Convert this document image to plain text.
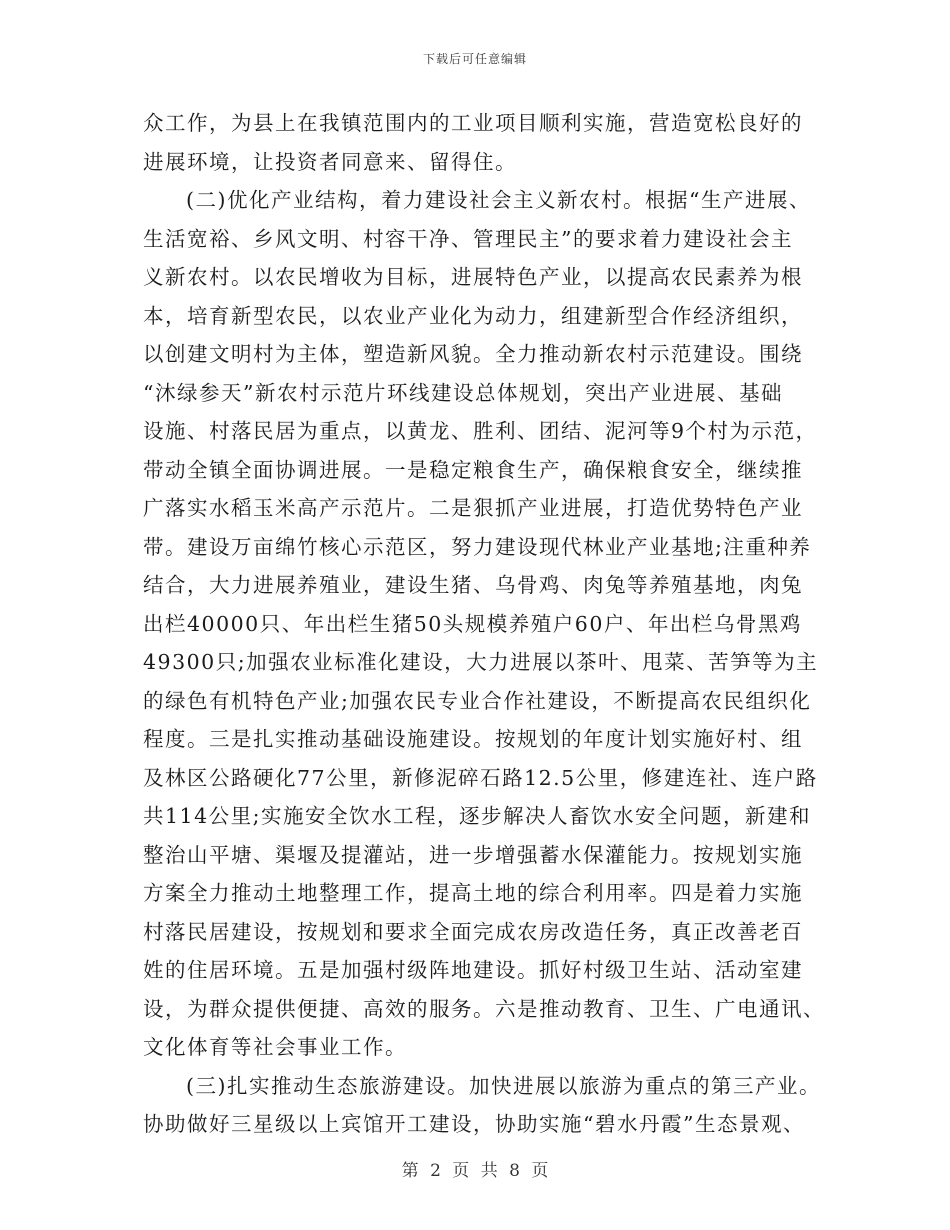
下载后可任意编辑
众工作，为县上在我镇范围内的工业项目顺利实施，营造宽松良好的
进展环境，让投资者同意来、留得住。
(二)优化产业结构，着力建设社会主义新农村。根据“生产进展、
生活宽裕、乡风文明、村容干净、管理民主”的要求着力建设社会主
义新农村。以农民增收为目标，进展特色产业，以提高农民素养为根
本，培育新型农民，以农业产业化为动力，组建新型合作经济组织，
以创建文明村为主体，塑造新风貌。全力推动新农村示范建设。围绕
“沐绿参天”新农村示范片环线建设总体规划，突出产业进展、基础
设施、村落民居为重点，以黄龙、胜利、团结、泥河等9个村为示范，
带动全镇全面协调进展。一是稳定粮食生产，确保粮食安全，继续推
广落实水稻玉米高产示范片。二是狠抓产业进展，打造优势特色产业
带。建设万亩绵竹核心示范区，努力建设现代林业产业基地;注重种养
结合，大力进展养殖业，建设生猪、乌骨鸡、肉兔等养殖基地，肉兔
出栏40000只、年出栏生猪50头规模养殖户60户、年出栏乌骨黑鸡
49300只;加强农业标准化建设，大力进展以茶叶、甩菜、苦笋等为主
的绿色有机特色产业;加强农民专业合作社建设，不断提高农民组织化
程度。三是扎实推动基础设施建设。按规划的年度计划实施好村、组
及林区公路硬化77公里，新修泥碎石路12.5公里，修建连社、连户路
共114公里;实施安全饮水工程，逐步解决人畜饮水安全问题，新建和
整治山平塘、渠堰及提灌站，进一步增强蓄水保灌能力。按规划实施
方案全力推动土地整理工作，提高土地的综合利用率。四是着力实施
村落民居建设，按规划和要求全面完成农房改造任务，真正改善老百
姓的住居环境。五是加强村级阵地建设。抓好村级卫生站、活动室建
设，为群众提供便捷、高效的服务。六是推动教育、卫生、广电通讯、
文化体育等社会事业工作。
(三)扎实推动生态旅游建设。加快进展以旅游为重点的第三产业。
协助做好三星级以上宾馆开工建设，协助实施“碧水丹霞”生态景观、
第 2 页 共 8 页
